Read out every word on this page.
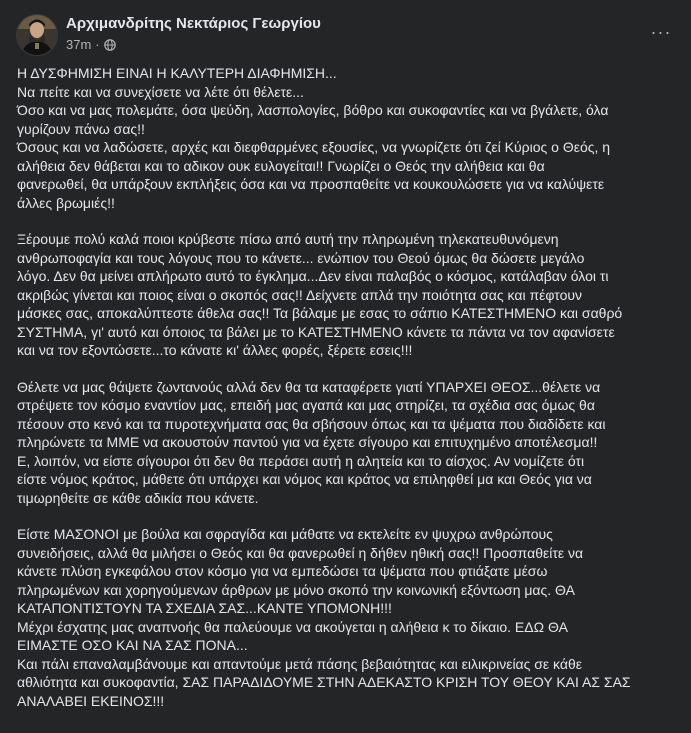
Αρχιμανδρίτης Νεκτάριος Γεωργίου
37m ·
···
Η ΔΥΣΦΗΜΙΣΗ ΕΙΝΑΙ Η ΚΑΛΥΤΕΡΗ ΔΙΑΦΗΜΙΣΗ...
Να πείτε και να συνεχίσετε να λέτε ότι θέλετε...
Όσο και να μας πολεμάτε, όσα ψεύδη, λασπολογίες, βόθρο και συκοφαντίες και να βγάλετε, όλα
γυρίζουν πάνω σας!!
Όσους και να λαδώσετε, αρχές και διεφθαρμένες εξουσίες, να γνωρίζετε ότι ζεί Κύριος ο Θεός, η
αλήθεια δεν θάβεται και το αδικον ουκ ευλογείται!! Γνωρίζει ο Θεός την αλήθεια και θα
φανερωθεί, θα υπάρξουν εκπλήξεις όσα και να προσπαθείτε να κουκουλώσετε για να καλύψετε
άλλες βρωμιές!!
Ξέρουμε πολύ καλά ποιοι κρύβεστε πίσω από αυτή την πληρωμένη τηλεκατευθυνόμενη
ανθρωποφαγία και τους λόγους που το κάνετε... ενώπιον του Θεού όμως θα δώσετε μεγάλο
λόγο. Δεν θα μείνει απλήρωτο αυτό το έγκλημα...Δεν είναι παλαβός ο κόσμος, κατάλαβαν όλοι τι
ακριβώς γίνεται και ποιος είναι ο σκοπός σας!! Δείχνετε απλά την ποιότητα σας και πέφτουν
μάσκες σας, αποκαλύπτεστε άθελα σας!! Τα βάλαμε με εσας το σάπιο ΚΑΤΕΣΤΗΜΕΝΟ και σαθρό
ΣΥΣΤΗΜΑ, γι' αυτό και όποιος τα βάλει με το ΚΑΤΕΣΤΗΜΕΝΟ κάνετε τα πάντα να τον αφανίσετε
και να τον εξοντώσετε...το κάνατε κι' άλλες φορές, ξέρετε εσεις!!!
Θέλετε να μας θάψετε ζωντανούς αλλά δεν θα τα καταφέρετε γιατί ΥΠΑΡΧΕΙ ΘΕΟΣ...θέλετε να
στρέψετε τον κόσμο εναντίον μας, επειδή μας αγαπά και μας στηρίζει, τα σχέδια σας όμως θα
πέσουν στο κενό και τα πυροτεχνήματα σας θα σβήσουν όπως και τα ψέματα που διαδίδετε και
πληρώνετε τα ΜΜΕ να ακουστούν παντού για να έχετε σίγουρο και επιτυχημένο αποτέλεσμα!!
Ε, λοιπόν, να είστε σίγουροι ότι δεν θα περάσει αυτή η αλητεία και το αίσχος. Αν νομίζετε ότι
είστε νόμος κράτος, μάθετε ότι υπάρχει και νόμος και κράτος να επιληφθεί μα και Θεός για να
τιμωρηθείτε σε κάθε αδικία που κάνετε.
Είστε ΜΑΣΟΝΟΙ με βούλα και σφραγίδα και μάθατε να εκτελείτε εν ψυχρω ανθρώπους
συνειδήσεις, αλλά θα μιλήσει ο Θεός και θα φανερωθεί η δήθεν ηθική σας!! Προσπαθείτε να
κάνετε πλύση εγκεφάλου στον κόσμο για να εμπεδώσει τα ψέματα που φτιάξατε μέσω
πληρωμένων και χορηγούμενων άρθρων με μόνο σκοπό την κοινωνική εξόντωση μας. ΘΑ
ΚΑΤΑΠΟΝΤΙΣΤΟΥΝ ΤΑ ΣΧΕΔΙΑ ΣΑΣ...ΚΑΝΤΕ ΥΠΟΜΟΝΗ!!!
Μέχρι έσχατης μας αναπνοής θα παλεύουμε να ακούγεται η αλήθεια κ το δίκαιο. ΕΔΩ ΘΑ
ΕΙΜΑΣΤΕ ΟΣΟ ΚΑΙ ΝΑ ΣΑΣ ΠΟΝΑ...
Και πάλι επαναλαμβάνουμε και απαντούμε μετά πάσης βεβαιότητας και ειλικρινείας σε κάθε
αθλιότητα και συκοφαντία, ΣΑΣ ΠΑΡΑΔΙΔΟΥΜΕ ΣΤΗΝ ΑΔΕΚΑΣΤΟ ΚΡΙΣΗ ΤΟΥ ΘΕΟΥ ΚΑΙ ΑΣ ΣΑΣ
ΑΝΑΛΑΒΕΙ ΕΚΕΙΝΟΣ!!!
